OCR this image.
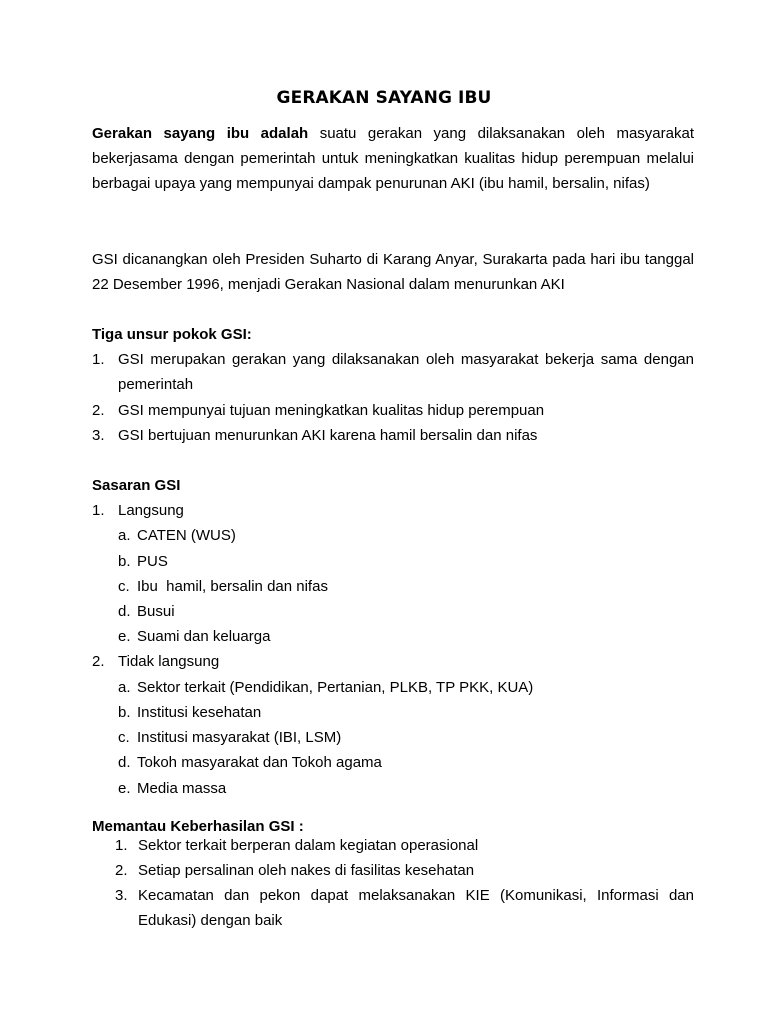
GERAKAN SAYANG IBU
Gerakan sayang ibu adalah suatu gerakan yang dilaksanakan oleh masyarakat bekerjasama dengan pemerintah untuk meningkatkan kualitas hidup perempuan melalui berbagai upaya yang mempunyai dampak penurunan AKI (ibu hamil, bersalin, nifas)
GSI dicanangkan oleh Presiden Suharto di Karang Anyar, Surakarta pada hari ibu tanggal 22 Desember 1996, menjadi Gerakan Nasional dalam menurunkan AKI
Tiga unsur pokok GSI:
1. GSI merupakan gerakan yang dilaksanakan oleh masyarakat bekerja sama dengan pemerintah
2. GSI mempunyai tujuan meningkatkan kualitas hidup perempuan
3. GSI bertujuan menurunkan AKI karena hamil bersalin dan nifas
Sasaran GSI
1. Langsung
a. CATEN (WUS)
b. PUS
c. Ibu  hamil, bersalin dan nifas
d. Busui
e. Suami dan keluarga
2. Tidak langsung
a. Sektor terkait (Pendidikan, Pertanian, PLKB, TP PKK, KUA)
b. Institusi kesehatan
c. Institusi masyarakat (IBI, LSM)
d. Tokoh masyarakat dan Tokoh agama
e. Media massa
Memantau Keberhasilan GSI :
1. Sektor terkait berperan dalam kegiatan operasional
2. Setiap persalinan oleh nakes di fasilitas kesehatan
3. Kecamatan dan pekon dapat melaksanakan KIE (Komunikasi, Informasi dan Edukasi) dengan baik
